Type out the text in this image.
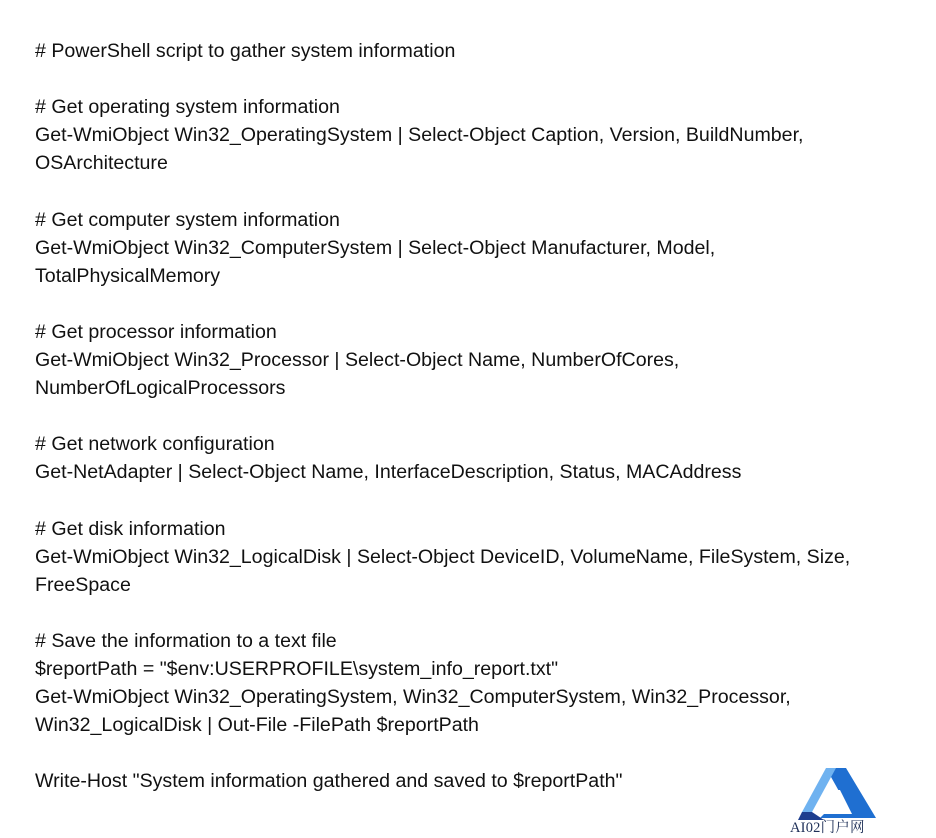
# PowerShell script to gather system information
# Get operating system information
Get-WmiObject Win32_OperatingSystem | Select-Object Caption, Version, BuildNumber,
OSArchitecture
# Get computer system information
Get-WmiObject Win32_ComputerSystem | Select-Object Manufacturer, Model,
TotalPhysicalMemory
# Get processor information
Get-WmiObject Win32_Processor | Select-Object Name, NumberOfCores,
NumberOfLogicalProcessors
# Get network configuration
Get-NetAdapter | Select-Object Name, InterfaceDescription, Status, MACAddress
# Get disk information
Get-WmiObject Win32_LogicalDisk | Select-Object DeviceID, VolumeName, FileSystem, Size,
FreeSpace
# Save the information to a text file
$reportPath = "$env:USERPROFILE\system_info_report.txt"
Get-WmiObject Win32_OperatingSystem, Win32_ComputerSystem, Win32_Processor,
Win32_LogicalDisk | Out-File -FilePath $reportPath
Write-Host "System information gathered and saved to $reportPath"
AI02门户网
